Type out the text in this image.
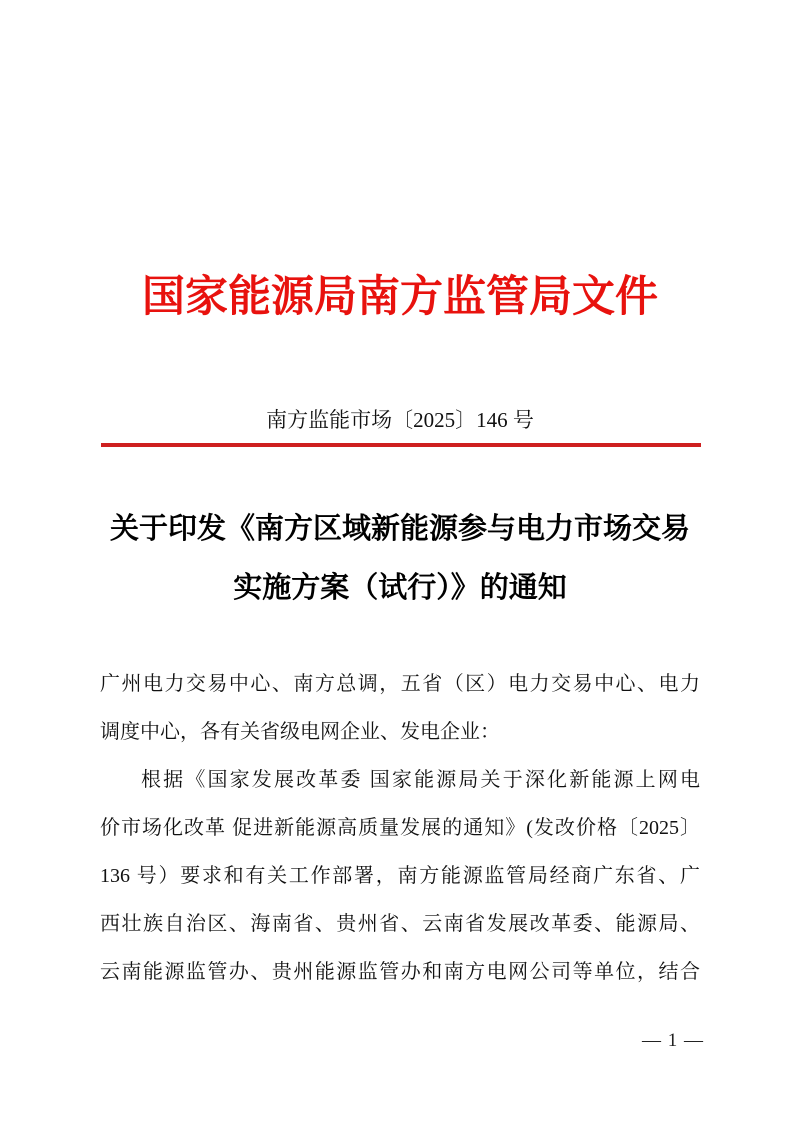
国家能源局南方监管局文件
南方监能市场〔2025〕146 号
关于印发《南方区域新能源参与电力市场交易
实施方案（试行）》的通知
广州电力交易中心、南方总调，五省（区）电力交易中心、电力
调度中心，各有关省级电网企业、发电企业：
根据《国家发展改革委 国家能源局关于深化新能源上网电
价市场化改革 促进新能源高质量发展的通知》(发改价格〔2025〕
136 号）要求和有关工作部署，南方能源监管局经商广东省、广
西壮族自治区、海南省、贵州省、云南省发展改革委、能源局、
云南能源监管办、贵州能源监管办和南方电网公司等单位，结合
— 1 —
